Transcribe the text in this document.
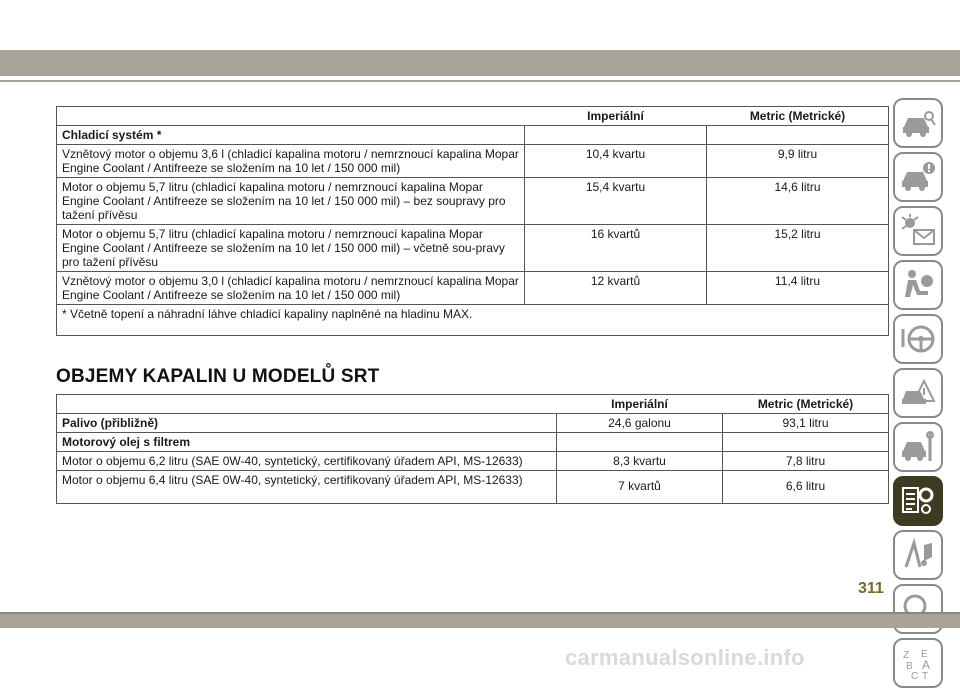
	Imperiální	Metric (Metrické)
Chladicí systém *		
Vznětový motor o objemu 3,6 l (chladicí kapalina motoru / nemrznoucí kapalina Mopar Engine Coolant / Antifreeze se složením na 10 let / 150 000 mil)	10,4 kvartu	9,9 litru
Motor o objemu 5,7 litru (chladicí kapalina motoru / nemrznoucí kapalina Mopar Engine Coolant / Antifreeze se složením na 10 let / 150 000 mil) – bez soupravy pro tažení přívěsu	15,4 kvartu	14,6 litru
Motor o objemu 5,7 litru (chladicí kapalina motoru / nemrznoucí kapalina Mopar Engine Coolant / Antifreeze se složením na 10 let / 150 000 mil) – včetně sou-pravy pro tažení přívěsu	16 kvartů	15,2 litru
Vznětový motor o objemu 3,0 l (chladicí kapalina motoru / nemrznoucí kapalina Mopar Engine Coolant / Antifreeze se složením na 10 let / 150 000 mil)	12 kvartů	11,4 litru
* Včetně topení a náhradní láhve chladicí kapaliny naplněné na hladinu MAX.		
OBJEMY KAPALIN U MODELŮ SRT
	Imperiální	Metric (Metrické)
Palivo (přibližně)	24,6 galonu	93,1 litru
Motorový olej s filtrem		
Motor o objemu 6,2 litru (SAE 0W-40, syntetický, certifikovaný úřadem API, MS-12633)	8,3 kvartu	7,8 litru
Motor o objemu 6,4 litru (SAE 0W-40, syntetický, certifikovaný úřadem API, MS-12633)	7 kvartů	6,6 litru
Z E
B A
C T
311
carmanualsonline.info
